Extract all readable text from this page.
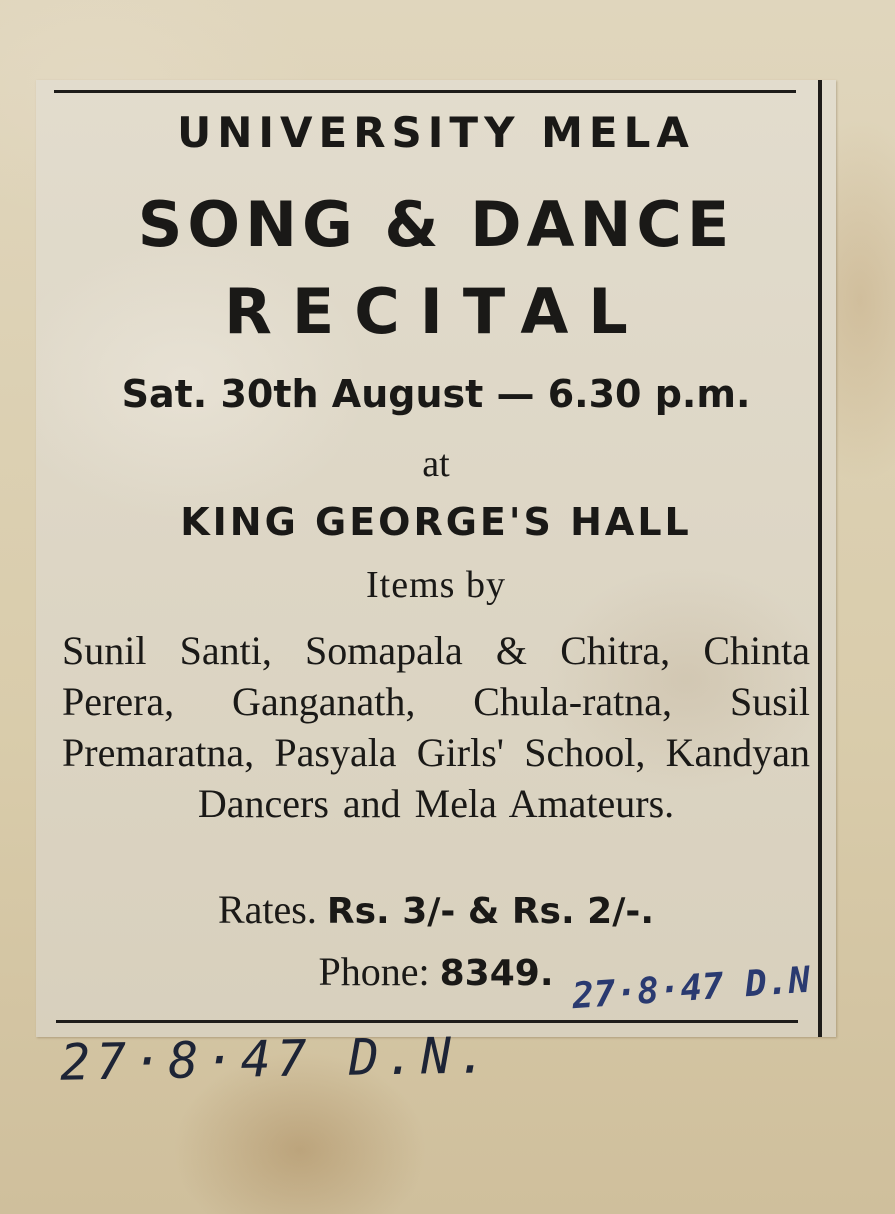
UNIVERSITY MELA
SONG & DANCE
RECITAL
Sat. 30th August — 6.30 p.m.
at
KING GEORGE'S HALL
Items by
Sunil Santi, Somapala & Chitra, Chinta Perera, Ganganath, Chula-ratna, Susil Premaratna, Pasyala Girls' School, Kandyan Dancers and Mela Amateurs.
Rates. Rs. 3/- & Rs. 2/-.
Phone: 8349. 27·8·47 D.N
27·8·47 D.N.
